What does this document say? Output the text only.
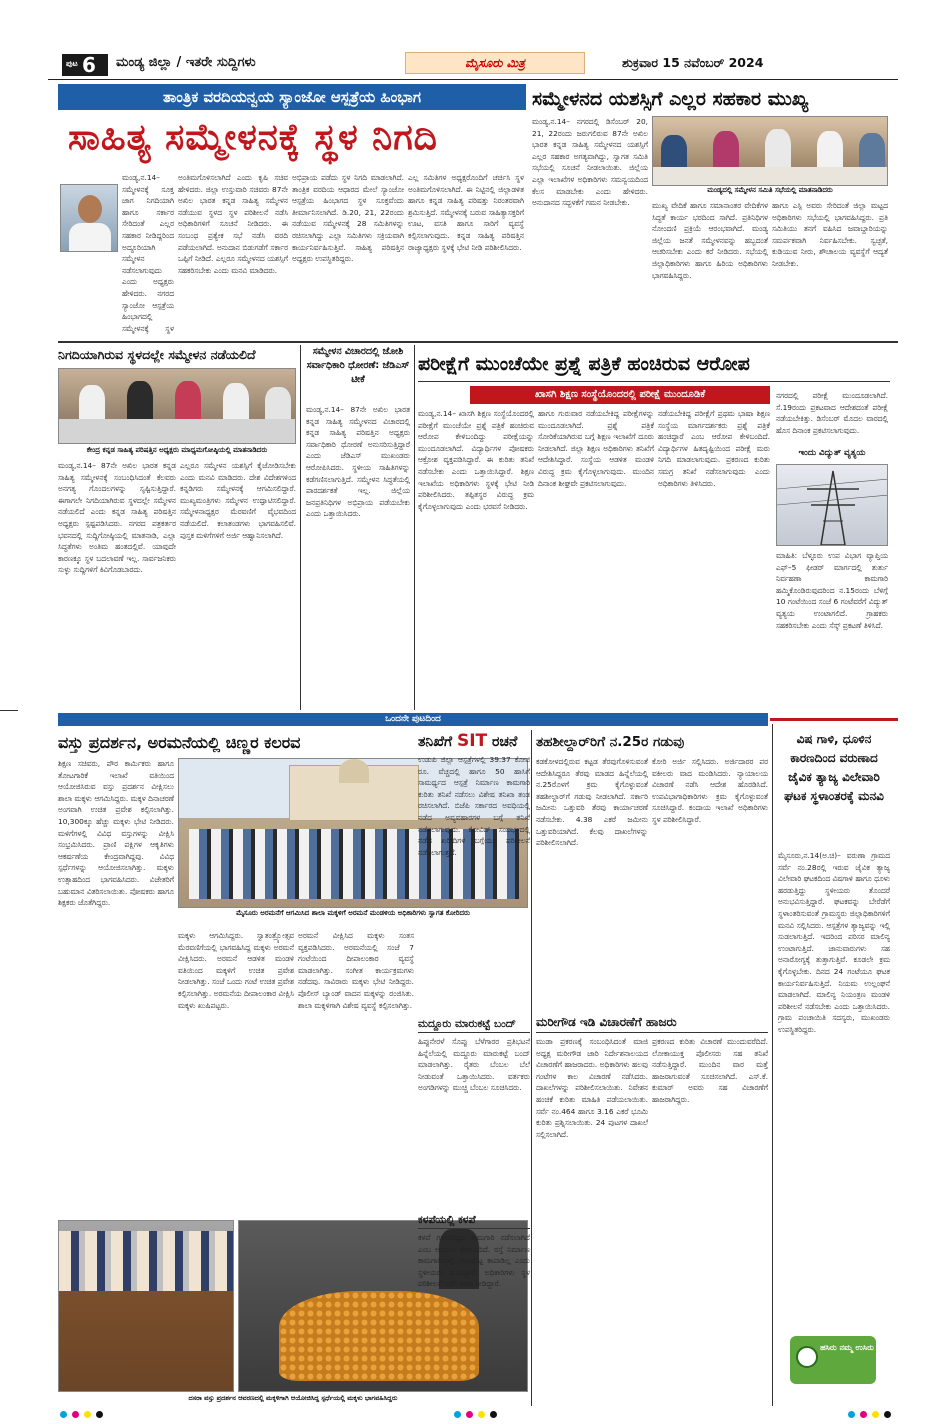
ಪುಟ 6 ಮಂಡ್ಯ ಜಿಲ್ಲಾ / ಇತರೇ ಸುದ್ದಿಗಳು	ಮೈಸೂರು ಮಿತ್ರ	ಶುಕ್ರವಾರ 15 ನವೆಂಬರ್ 2024
ತಾಂತ್ರಿಕ ವರದಿಯನ್ವಯ ಸ್ಯಾಂಜೋ ಆಸ್ಪತ್ರೆಯ ಹಿಂಭಾಗ
ಸಾಹಿತ್ಯ ಸಮ್ಮೇಳನಕ್ಕೆ ಸ್ಥಳ ನಿಗದಿ
ಮಂಡ್ಯ,ನ.14– ಸಮ್ಮೇಳನಕ್ಕೆ ಸೂಕ್ತ ಜಾಗ ನಿಗದಿಯಾಗಿ ಹಾಗೂ ಸರ್ಕಾರ ಸೇರಿದಂತೆ ಎಲ್ಲರ ಸಹಕಾರ ನೀಡಿದ್ದರಿಂದ ಅದ್ಧೂರಿಯಾಗಿ ಸಮ್ಮೇಳನ ನಡೆಸಲಾಗುವುದು ಎಂದು ಅಧ್ಯಕ್ಷರು ಹೇಳಿದರು. ನಗರದ ಸ್ಯಾಂಜೋ ಆಸ್ಪತ್ರೆಯ ಹಿಂಭಾಗದಲ್ಲಿ ಸಮ್ಮೇಳನಕ್ಕೆ ಸ್ಥಳ
ಅಂತಿಮಗೊಳಿಸಲಾಗಿದೆ ಎಂದು ಕೃಷಿ ಸಚಿವ ಹೇಳಿದರು. ಜಿಲ್ಲಾ ಉಸ್ತುವಾರಿ ಸಚಿವರು 87ನೇ ಅಖಿಲ ಭಾರತ ಕನ್ನಡ ಸಾಹಿತ್ಯ ಸಮ್ಮೇಳನ ನಡೆಯುವ ಸ್ಥಳದ ಸ್ಥಳ ಪರಿಶೀಲನೆ ನಡೆಸಿ ಅಧಿಕಾರಿಗಳಿಗೆ ಸೂಚನೆ ನೀಡಿದರು. ಈ ಸಂಬಂಧ ಪ್ರತ್ಯೇಕ ಸಭೆ ನಡೆಸಿ ವರದಿ ಪಡೆಯಲಾಗಿದೆ. ಅನುದಾನ ಬಿಡುಗಡೆಗೆ ಸರ್ಕಾರ ಒಪ್ಪಿಗೆ ನೀಡಿದೆ. ಎಲ್ಲರೂ ಸಮ್ಮೇಳನದ ಯಶಸ್ಸಿಗೆ ಸಹಕರಿಸಬೇಕು ಎಂದು ಮನವಿ ಮಾಡಿದರು.
ಅಭಿಪ್ರಾಯ ಪಡೆದು ಸ್ಥಳ ನಿಗದಿ ಮಾಡಲಾಗಿದೆ. ತಾಂತ್ರಿಕ ವರದಿಯ ಆಧಾರದ ಮೇಲೆ ಸ್ಯಾಂಜೋ ಆಸ್ಪತ್ರೆಯ ಹಿಂಭಾಗದ ಸ್ಥಳ ಸೂಕ್ತವೆಂದು ತೀರ್ಮಾನಿಸಲಾಗಿದೆ. ಡಿ.20, 21, 22ರಂದು ನಡೆಯುವ ಸಮ್ಮೇಳನಕ್ಕೆ 28 ಸಮಿತಿಗಳನ್ನು ರಚಿಸಲಾಗಿದ್ದು ಎಲ್ಲಾ ಸಮಿತಿಗಳು ಸಕ್ರಿಯವಾಗಿ ಕಾರ್ಯನಿರ್ವಹಿಸುತ್ತಿವೆ. ಸಾಹಿತ್ಯ ಪರಿಷತ್ತಿನ ಅಧ್ಯಕ್ಷರು ಉಪಸ್ಥಿತರಿದ್ದರು.
ಎಲ್ಲ ಸಮಿತಿಗಳ ಅಧ್ಯಕ್ಷರೊಂದಿಗೆ ಚರ್ಚಿಸಿ ಸ್ಥಳ ಅಂತಿಮಗೊಳಿಸಲಾಗಿದೆ. ಈ ನಿಟ್ಟಿನಲ್ಲಿ ಜಿಲ್ಲಾಡಳಿತ ಹಾಗೂ ಕನ್ನಡ ಸಾಹಿತ್ಯ ಪರಿಷತ್ತು ನಿರಂತರವಾಗಿ ಶ್ರಮಿಸುತ್ತಿದೆ. ಸಮ್ಮೇಳನಕ್ಕೆ ಬರುವ ಸಾಹಿತ್ಯಾಸಕ್ತರಿಗೆ ಊಟ, ವಸತಿ ಹಾಗೂ ಸಾರಿಗೆ ವ್ಯವಸ್ಥೆ ಕಲ್ಪಿಸಲಾಗುವುದು. ಕನ್ನಡ ಸಾಹಿತ್ಯ ಪರಿಷತ್ತಿನ ರಾಜ್ಯಾಧ್ಯಕ್ಷರು ಸ್ಥಳಕ್ಕೆ ಭೇಟಿ ನೀಡಿ ಪರಿಶೀಲಿಸಿದರು.
ಸಮ್ಮೇಳನದ ಯಶಸ್ಸಿಗೆ ಎಲ್ಲರ ಸಹಕಾರ ಮುಖ್ಯ
ಮಂಡ್ಯ,ನ.14– ನಗರದಲ್ಲಿ ಡಿಸೆಂಬರ್ 20, 21, 22ರಂದು ಜರುಗಲಿರುವ 87ನೇ ಅಖಿಲ ಭಾರತ ಕನ್ನಡ ಸಾಹಿತ್ಯ ಸಮ್ಮೇಳನದ ಯಶಸ್ಸಿಗೆ ಎಲ್ಲರ ಸಹಕಾರ ಅಗತ್ಯವಾಗಿದ್ದು, ಸ್ವಾಗತ ಸಮಿತಿ ಸಭೆಯಲ್ಲಿ ಸೂಚನೆ ನೀಡಲಾಯಿತು. ಜಿಲ್ಲೆಯ ಎಲ್ಲಾ ಇಲಾಖೆಗಳ ಅಧಿಕಾರಿಗಳು ಸಮನ್ವಯದಿಂದ ಕೆಲಸ ಮಾಡಬೇಕು ಎಂದು ಹೇಳಿದರು. ಅನುದಾನದ ಸದ್ಬಳಕೆಗೆ ಗಮನ ನೀಡಬೇಕು.
ಮಂಡ್ಯದಲ್ಲಿ ಸಮ್ಮೇಳನ ಸಮಿತಿ ಸಭೆಯಲ್ಲಿ ಮಾತನಾಡಿದರು
ಮುಖ್ಯ ವೇದಿಕೆ ಹಾಗೂ ಸಮಾನಾಂತರ ವೇದಿಕೆಗಳ ಸಿದ್ಧತೆ ಕಾರ್ಯ ಭರದಿಂದ ಸಾಗಿದೆ. ಪ್ರತಿನಿಧಿಗಳ ನೋಂದಣಿ ಪ್ರಕ್ರಿಯೆ ಆರಂಭವಾಗಿದೆ. ಮಂಡ್ಯ ಜಿಲ್ಲೆಯ ಜನತೆ ಸಮ್ಮೇಳನವನ್ನು ಹಬ್ಬದಂತೆ ಆಚರಿಸಬೇಕು ಎಂದು ಕರೆ ನೀಡಿದರು. ಸಭೆಯಲ್ಲಿ ಜಿಲ್ಲಾಧಿಕಾರಿಗಳು ಹಾಗೂ ಹಿರಿಯ ಅಧಿಕಾರಿಗಳು ಭಾಗವಹಿಸಿದ್ದರು.
ಹಾಗೂ ಎಸ್ಪಿ ಅವರು ಸೇರಿದಂತೆ ಜಿಲ್ಲಾ ಮಟ್ಟದ ಅಧಿಕಾರಿಗಳು ಸಭೆಯಲ್ಲಿ ಭಾಗವಹಿಸಿದ್ದರು. ಪ್ರತಿ ಸಮಿತಿಯು ತನಗೆ ವಹಿಸಿದ ಜವಾಬ್ದಾರಿಯನ್ನು ಸಮರ್ಪಕವಾಗಿ ನಿರ್ವಹಿಸಬೇಕು. ಸ್ವಚ್ಛತೆ, ಕುಡಿಯುವ ನೀರು, ಶೌಚಾಲಯ ವ್ಯವಸ್ಥೆಗೆ ಆದ್ಯತೆ ನೀಡಬೇಕು.
ನಿಗದಿಯಾಗಿರುವ ಸ್ಥಳದಲ್ಲೇ ಸಮ್ಮೇಳನ ನಡೆಯಲಿದೆ
ಕೇಂದ್ರ ಕನ್ನಡ ಸಾಹಿತ್ಯ ಪರಿಷತ್ತಿನ ಅಧ್ಯಕ್ಷರು ಮಾಧ್ಯಮಗೋಷ್ಠಿಯಲ್ಲಿ ಮಾತನಾಡಿದರು
ಮಂಡ್ಯ,ನ.14– 87ನೇ ಅಖಿಲ ಭಾರತ ಕನ್ನಡ ಸಾಹಿತ್ಯ ಸಮ್ಮೇಳನಕ್ಕೆ ಸಂಬಂಧಿಸಿದಂತೆ ಕೆಲವರು ಅನಗತ್ಯ ಗೊಂದಲಗಳನ್ನು ಸೃಷ್ಟಿಸುತ್ತಿದ್ದಾರೆ. ಈಗಾಗಲೇ ನಿಗದಿಯಾಗಿರುವ ಸ್ಥಳದಲ್ಲೇ ಸಮ್ಮೇಳನ ನಡೆಯಲಿದೆ ಎಂದು ಕನ್ನಡ ಸಾಹಿತ್ಯ ಪರಿಷತ್ತಿನ ಅಧ್ಯಕ್ಷರು ಸ್ಪಷ್ಟಪಡಿಸಿದರು. ನಗರದ ಪತ್ರಕರ್ತರ ಭವನದಲ್ಲಿ ಸುದ್ದಿಗೋಷ್ಠಿಯಲ್ಲಿ ಮಾತನಾಡಿ, ಎಲ್ಲಾ ಸಿದ್ಧತೆಗಳು ಅಂತಿಮ ಹಂತದಲ್ಲಿವೆ. ಯಾವುದೇ ಕಾರಣಕ್ಕೂ ಸ್ಥಳ ಬದಲಾವಣೆ ಇಲ್ಲ. ಸಾರ್ವಜನಿಕರು ಸುಳ್ಳು ಸುದ್ದಿಗಳಿಗೆ ಕಿವಿಗೊಡಬಾರದು.
ಎಲ್ಲರೂ ಸಮ್ಮೇಳನ ಯಶಸ್ಸಿಗೆ ಕೈಜೋಡಿಸಬೇಕು ಎಂದು ಮನವಿ ಮಾಡಿದರು. ದೇಶ ವಿದೇಶಗಳಿಂದ ಕನ್ನಡಿಗರು ಸಮ್ಮೇಳನಕ್ಕೆ ಆಗಮಿಸಲಿದ್ದಾರೆ. ಮುಖ್ಯಮಂತ್ರಿಗಳು ಸಮ್ಮೇಳನ ಉದ್ಘಾಟಿಸಲಿದ್ದಾರೆ. ಸಮ್ಮೇಳನಾಧ್ಯಕ್ಷರ ಮೆರವಣಿಗೆ ವೈಭವದಿಂದ ನಡೆಯಲಿದೆ. ಕಲಾತಂಡಗಳು ಭಾಗವಹಿಸಲಿವೆ. ಪುಸ್ತಕ ಮಳಿಗೆಗಳಿಗೆ ಅರ್ಜಿ ಆಹ್ವಾನಿಸಲಾಗಿದೆ.
ಸಮ್ಮೇಳನ ವಿಚಾರದಲ್ಲಿ ಜೋಶಿ ಸರ್ವಾಧಿಕಾರಿ ಧೋರಣೆ: ಜೆಡಿಎಸ್ ಟೀಕೆ
ಮಂಡ್ಯ,ನ.14– 87ನೇ ಅಖಿಲ ಭಾರತ ಕನ್ನಡ ಸಾಹಿತ್ಯ ಸಮ್ಮೇಳನದ ವಿಚಾರದಲ್ಲಿ ಕನ್ನಡ ಸಾಹಿತ್ಯ ಪರಿಷತ್ತಿನ ಅಧ್ಯಕ್ಷರು ಸರ್ವಾಧಿಕಾರಿ ಧೋರಣೆ ಅನುಸರಿಸುತ್ತಿದ್ದಾರೆ ಎಂದು ಜೆಡಿಎಸ್ ಮುಖಂಡರು ಆರೋಪಿಸಿದರು. ಸ್ಥಳೀಯ ಸಾಹಿತಿಗಳನ್ನು ಕಡೆಗಣಿಸಲಾಗುತ್ತಿದೆ. ಸಮ್ಮೇಳನ ಸಿದ್ಧತೆಯಲ್ಲಿ ಪಾರದರ್ಶಕತೆ ಇಲ್ಲ. ಜಿಲ್ಲೆಯ ಜನಪ್ರತಿನಿಧಿಗಳ ಅಭಿಪ್ರಾಯ ಪಡೆಯಬೇಕು ಎಂದು ಒತ್ತಾಯಿಸಿದರು.
ಪರೀಕ್ಷೆಗೆ ಮುಂಚೆಯೇ ಪ್ರಶ್ನೆ ಪತ್ರಿಕೆ ಹಂಚಿರುವ ಆರೋಪ
ಖಾಸಗಿ ಶಿಕ್ಷಣ ಸಂಸ್ಥೆಯೊಂದರಲ್ಲಿ ಪರೀಕ್ಷೆ ಮುಂದೂಡಿಕೆ
ಮಂಡ್ಯ,ನ.14– ಖಾಸಗಿ ಶಿಕ್ಷಣ ಸಂಸ್ಥೆಯೊಂದರಲ್ಲಿ ಪರೀಕ್ಷೆಗೆ ಮುಂಚೆಯೇ ಪ್ರಶ್ನೆ ಪತ್ರಿಕೆ ಹಂಚಿರುವ ಆರೋಪ ಕೇಳಿಬಂದಿದ್ದು ಪರೀಕ್ಷೆಯನ್ನು ಮುಂದೂಡಲಾಗಿದೆ. ವಿದ್ಯಾರ್ಥಿಗಳ ಪೋಷಕರು ಆಕ್ರೋಶ ವ್ಯಕ್ತಪಡಿಸಿದ್ದಾರೆ. ಈ ಕುರಿತು ತನಿಖೆ ನಡೆಸಬೇಕು ಎಂದು ಒತ್ತಾಯಿಸಿದ್ದಾರೆ. ಶಿಕ್ಷಣ ಇಲಾಖೆಯ ಅಧಿಕಾರಿಗಳು ಸ್ಥಳಕ್ಕೆ ಭೇಟಿ ನೀಡಿ ಪರಿಶೀಲಿಸಿದರು. ತಪ್ಪಿತಸ್ಥರ ವಿರುದ್ಧ ಕ್ರಮ ಕೈಗೊಳ್ಳಲಾಗುವುದು ಎಂದು ಭರವಸೆ ನೀಡಿದರು.
ಹಾಗೂ ಗುರುವಾರ ನಡೆಯಬೇಕಿದ್ದ ಪರೀಕ್ಷೆಗಳನ್ನು ಮುಂದೂಡಲಾಗಿದೆ. ಪ್ರಶ್ನೆ ಪತ್ರಿಕೆ ಸೋರಿಕೆಯಾಗಿರುವ ಬಗ್ಗೆ ಶಿಕ್ಷಣ ಇಲಾಖೆಗೆ ದೂರು ನೀಡಲಾಗಿದೆ. ಜಿಲ್ಲಾ ಶಿಕ್ಷಣ ಅಧಿಕಾರಿಗಳು ತನಿಖೆಗೆ ಆದೇಶಿಸಿದ್ದಾರೆ. ಸಂಸ್ಥೆಯ ಆಡಳಿತ ಮಂಡಳಿ ವಿರುದ್ಧ ಕ್ರಮ ಕೈಗೊಳ್ಳಲಾಗುವುದು. ಮುಂದಿನ ದಿನಾಂಕ ಶೀಘ್ರವೇ ಪ್ರಕಟಿಸಲಾಗುವುದು.
ನಡೆಯಬೇಕಿದ್ದ ಪರೀಕ್ಷೆಗೆ ಪ್ರಥಮ ಭಾಷಾ ಶಿಕ್ಷಣ ಸಂಸ್ಥೆಯ ಮಾರ್ಗದರ್ಶಕರು ಪ್ರಶ್ನೆ ಪತ್ರಿಕೆ ಹಂಚಿದ್ದಾರೆ ಎಂಬ ಆರೋಪ ಕೇಳಿಬಂದಿದೆ. ವಿದ್ಯಾರ್ಥಿಗಳ ಹಿತದೃಷ್ಟಿಯಿಂದ ಪರೀಕ್ಷೆ ಮರು ನಿಗದಿ ಮಾಡಲಾಗುವುದು. ಪ್ರಕರಣದ ಕುರಿತು ಸಮಗ್ರ ತನಿಖೆ ನಡೆಸಲಾಗುವುದು ಎಂದು ಅಧಿಕಾರಿಗಳು ತಿಳಿಸಿದರು.
ನಗರದಲ್ಲಿ ಪರೀಕ್ಷೆ ಮುಂದೂಡಲಾಗಿದೆ. ಸೆ.19ರಂದು ಪ್ರಕಟವಾದ ಆದೇಶದಂತೆ ಪರೀಕ್ಷೆ ನಡೆಯಬೇಕಿತ್ತು. ಡಿಸೆಂಬರ್ ಮೊದಲ ವಾರದಲ್ಲಿ ಹೊಸ ದಿನಾಂಕ ಪ್ರಕಟಿಸಲಾಗುವುದು.
ಇಂದು ವಿದ್ಯುತ್ ವ್ಯತ್ಯಯ
ಮಾಹಿತಿ: ಬೆಳ್ಳೂರು ಉಪ ವಿಭಾಗ ವ್ಯಾಪ್ತಿಯ ಎಫ್–5 ಫೀಡರ್ ಮಾರ್ಗದಲ್ಲಿ ತುರ್ತು ನಿರ್ವಹಣಾ ಕಾಮಗಾರಿ ಹಮ್ಮಿಕೊಂಡಿರುವುದರಿಂದ ನ.15ರಂದು ಬೆಳಿಗ್ಗೆ 10 ಗಂಟೆಯಿಂದ ಸಂಜೆ 6 ಗಂಟೆವರೆಗೆ ವಿದ್ಯುತ್ ವ್ಯತ್ಯಯ ಉಂಟಾಗಲಿದೆ. ಗ್ರಾಹಕರು ಸಹಕರಿಸಬೇಕು ಎಂದು ಸೆಸ್ಕ್ ಪ್ರಕಟಣೆ ತಿಳಿಸಿದೆ.
ಒಂದನೇ ಪುಟದಿಂದ
ವಸ್ತು ಪ್ರದರ್ಶನ, ಅರಮನೆಯಲ್ಲಿ ಚಿಣ್ಣರ ಕಲರವ
ಶಿಕ್ಷಣ ಸಚಿವರು, ಪೌರ ಕಾರ್ಮಿಕರು ಹಾಗೂ ತೋಟಗಾರಿಕೆ ಇಲಾಖೆ ವತಿಯಿಂದ ಆಯೋಜಿಸಿರುವ ವಸ್ತು ಪ್ರದರ್ಶನ ವೀಕ್ಷಿಸಲು ಶಾಲಾ ಮಕ್ಕಳು ಆಗಮಿಸಿದ್ದರು. ಮಕ್ಕಳ ದಿನಾಚರಣೆ ಅಂಗವಾಗಿ ಉಚಿತ ಪ್ರವೇಶ ಕಲ್ಪಿಸಲಾಗಿತ್ತು. 10,300ಕ್ಕೂ ಹೆಚ್ಚು ಮಕ್ಕಳು ಭೇಟಿ ನೀಡಿದರು. ಮಳಿಗೆಗಳಲ್ಲಿ ವಿವಿಧ ವಸ್ತುಗಳನ್ನು ವೀಕ್ಷಿಸಿ ಸಂಭ್ರಮಿಸಿದರು. ಪ್ರಾಣಿ ಪಕ್ಷಿಗಳ ಆಕೃತಿಗಳು ಆಕರ್ಷಣೆಯ ಕೇಂದ್ರವಾಗಿದ್ದವು. ವಿವಿಧ ಸ್ಪರ್ಧೆಗಳನ್ನು ಆಯೋಜಿಸಲಾಗಿತ್ತು. ಮಕ್ಕಳು ಉತ್ಸಾಹದಿಂದ ಭಾಗವಹಿಸಿದರು. ವಿಜೇತರಿಗೆ ಬಹುಮಾನ ವಿತರಿಸಲಾಯಿತು. ಪೋಷಕರು ಹಾಗೂ ಶಿಕ್ಷಕರು ಜೊತೆಗಿದ್ದರು.
ಮೈಸೂರು ಅರಮನೆಗೆ ಆಗಮಿಸಿದ ಶಾಲಾ ಮಕ್ಕಳಿಗೆ ಅರಮನೆ ಮಂಡಳಿಯ ಅಧಿಕಾರಿಗಳು ಸ್ವಾಗತ ಕೋರಿದರು
ಮಕ್ಕಳು ಆಗಮಿಸಿದ್ದರು. ಸ್ವಾತಂತ್ರ್ಯೋತ್ಸವ ಮೆರವಣಿಗೆಯಲ್ಲಿ ಭಾಗವಹಿಸಿದ್ದ ಮಕ್ಕಳು ಅರಮನೆ ವೀಕ್ಷಿಸಿದರು. ಅರಮನೆ ಆಡಳಿತ ಮಂಡಳಿ ವತಿಯಿಂದ ಮಕ್ಕಳಿಗೆ ಉಚಿತ ಪ್ರವೇಶ ನೀಡಲಾಗಿತ್ತು. ಸಂಜೆ ಒಂದು ಗಂಟೆ ಉಚಿತ ಪ್ರವೇಶ ಕಲ್ಪಿಸಲಾಗಿತ್ತು. ಅರಮನೆಯ ದೀಪಾಲಂಕಾರ ವೀಕ್ಷಿಸಿ ಮಕ್ಕಳು ಖುಷಿಪಟ್ಟರು.
ಅರಮನೆ ವೀಕ್ಷಿಸಿದ ಮಕ್ಕಳು ಸಂತಸ ವ್ಯಕ್ತಪಡಿಸಿದರು. ಅರಮನೆಯಲ್ಲಿ ಸಂಜೆ 7 ಗಂಟೆಯಿಂದ ದೀಪಾಲಂಕಾರ ವ್ಯವಸ್ಥೆ ಮಾಡಲಾಗಿತ್ತು. ಸಂಗೀತ ಕಾರ್ಯಕ್ರಮಗಳು ನಡೆದವು. ಸಾವಿರಾರು ಮಕ್ಕಳು ಭೇಟಿ ನೀಡಿದ್ದರು. ಪೊಲೀಸ್ ಬ್ಯಾಂಡ್ ವಾದನ ಮಕ್ಕಳನ್ನು ರಂಜಿಸಿತು. ಶಾಲಾ ಮಕ್ಕಳಿಗಾಗಿ ವಿಶೇಷ ವ್ಯವಸ್ಥೆ ಕಲ್ಪಿಸಲಾಗಿತ್ತು.
ದಸರಾ ವಸ್ತು ಪ್ರದರ್ಶನ ಆವರಣದಲ್ಲಿ ಮಕ್ಕಳಿಗಾಗಿ ಆಯೋಜಿಸಿದ್ದ ಸ್ಪರ್ಧೆಯಲ್ಲಿ ಮಕ್ಕಳು ಭಾಗವಹಿಸಿದ್ದರು
ತನಿಖೆಗೆ SIT ರಚನೆ
ಉಡುಪಿ ಜಿಲ್ಲಾ ಆಸ್ಪತ್ರೆಗಳಲ್ಲಿ 39.37 ಕೋಟಿ ರೂ. ವೆಚ್ಚದಲ್ಲಿ ಹಾಗೂ 50 ಹಾಸಿಗೆ ಸಾಮರ್ಥ್ಯದ ಆಸ್ಪತ್ರೆ ನಿರ್ಮಾಣ ಕಾಮಗಾರಿ ಕುರಿತು ತನಿಖೆ ನಡೆಸಲು ವಿಶೇಷ ತನಿಖಾ ತಂಡ ರಚಿಸಲಾಗಿದೆ. ಬಿಜೆಪಿ ಸರ್ಕಾರದ ಅವಧಿಯಲ್ಲಿ ನಡೆದ ಅವ್ಯವಹಾರಗಳ ಬಗ್ಗೆ ತನಿಖೆ ನಡೆಸಲಾಗುವುದು. ಕೋವಿಡ್ ಸಂದರ್ಭದಲ್ಲಿ ನಡೆದ ಖರೀದಿಗಳ ಬಗ್ಗೆಯೂ ಪರಿಶೀಲನೆ ನಡೆಸಲಾಗುತ್ತದೆ.
ಮದ್ದೂರು ಮಾರುಕಟ್ಟೆ ಬಂದ್
ಹಿಪ್ಪುನೇರಳೆ ಸೊಪ್ಪು ಬೆಳೆಗಾರರ ಪ್ರತಿಭಟನೆ ಹಿನ್ನೆಲೆಯಲ್ಲಿ ಮದ್ದೂರು ಮಾರುಕಟ್ಟೆ ಬಂದ್ ಮಾಡಲಾಗಿತ್ತು. ರೈತರು ಬೆಂಬಲ ಬೆಲೆ ನೀಡುವಂತೆ ಒತ್ತಾಯಿಸಿದರು. ವರ್ತಕರು ಅಂಗಡಿಗಳನ್ನು ಮುಚ್ಚಿ ಬೆಂಬಲ ಸೂಚಿಸಿದರು.
ಕಳಪೆಯಲ್ಲಿ ಕಳಪೆ
ಕಳಪೆ ಗುಣಮಟ್ಟದ ಕಾಮಗಾರಿ ನಡೆಸಲಾಗಿದೆ ಎಂಬ ಆರೋಪ ಕೇಳಿಬಂದಿದೆ. ರಸ್ತೆ ನಿರ್ಮಾಣ ಕಾಮಗಾರಿಯಲ್ಲಿ ಗುಣಮಟ್ಟ ಕಾಪಾಡಿಲ್ಲ ಎಂದು ಸ್ಥಳೀಯರು ದೂರಿದ್ದಾರೆ. ಅಧಿಕಾರಿಗಳು ಸ್ಥಳ ಪರಿಶೀಲನೆ ನಡೆಸಿ ವರದಿ ನೀಡಿದ್ದಾರೆ.
ತಹಶೀಲ್ದಾರ್‌ರಿಗೆ ನ.25ರ ಗಡುವು
ಕಡಕೋಳದಲ್ಲಿರುವ ಕಟ್ಟಡ ತೆರವುಗೊಳಿಸುವಂತೆ ಆದೇಶಿಸಿದ್ದರೂ ತೆರವು ಮಾಡದ ಹಿನ್ನೆಲೆಯಲ್ಲಿ ನ.25ರೊಳಗೆ ಕ್ರಮ ಕೈಗೊಳ್ಳುವಂತೆ ತಹಶೀಲ್ದಾರ್‌ಗೆ ಗಡುವು ನೀಡಲಾಗಿದೆ. ಸರ್ಕಾರಿ ಜಮೀನು ಒತ್ತುವರಿ ತೆರವು ಕಾರ್ಯಾಚರಣೆ ನಡೆಸಬೇಕು. 4.38 ಎಕರೆ ಜಮೀನು ಒತ್ತುವರಿಯಾಗಿದೆ. ಕೆಲವು ದಾಖಲೆಗಳನ್ನು ಪರಿಶೀಲಿಸಲಾಗಿದೆ.
ಕೋರಿ ಅರ್ಜಿ ಸಲ್ಲಿಸಿದರು. ಅರ್ಜಿದಾರರ ಪರ ವಕೀಲರು ವಾದ ಮಂಡಿಸಿದರು. ನ್ಯಾಯಾಲಯ ವಿಚಾರಣೆ ನಡೆಸಿ ಆದೇಶ ಹೊರಡಿಸಿದೆ. ಉಪವಿಭಾಗಾಧಿಕಾರಿಗಳು ಕ್ರಮ ಕೈಗೊಳ್ಳುವಂತೆ ಸೂಚಿಸಿದ್ದಾರೆ. ಕಂದಾಯ ಇಲಾಖೆ ಅಧಿಕಾರಿಗಳು ಸ್ಥಳ ಪರಿಶೀಲಿಸಿದ್ದಾರೆ.
ಮರೀಗೌಡ ಇಡಿ ವಿಚಾರಣೆಗೆ ಹಾಜರು
ಮುಡಾ ಪ್ರಕರಣಕ್ಕೆ ಸಂಬಂಧಿಸಿದಂತೆ ಮಾಜಿ ಅಧ್ಯಕ್ಷ ಮರೀಗೌಡ ಜಾರಿ ನಿರ್ದೇಶನಾಲಯದ ವಿಚಾರಣೆಗೆ ಹಾಜರಾದರು. ಅಧಿಕಾರಿಗಳು ಹಲವು ಗಂಟೆಗಳ ಕಾಲ ವಿಚಾರಣೆ ನಡೆಸಿದರು. ದಾಖಲೆಗಳನ್ನು ಪರಿಶೀಲಿಸಲಾಯಿತು. ನಿವೇಶನ ಹಂಚಿಕೆ ಕುರಿತು ಮಾಹಿತಿ ಪಡೆಯಲಾಯಿತು. ಸರ್ವೆ ನಂ.464 ಹಾಗೂ 3.16 ಎಕರೆ ಭೂಮಿ ಕುರಿತು ಪ್ರಶ್ನಿಸಲಾಯಿತು. 24 ಪುಟಗಳ ದಾಖಲೆ ಸಲ್ಲಿಸಲಾಗಿದೆ.
ಪ್ರಕರಣದ ಕುರಿತು ವಿಚಾರಣೆ ಮುಂದುವರೆದಿದೆ. ಲೋಕಾಯುಕ್ತ ಪೊಲೀಸರು ಸಹ ತನಿಖೆ ನಡೆಸುತ್ತಿದ್ದಾರೆ. ಮುಂದಿನ ವಾರ ಮತ್ತೆ ಹಾಜರಾಗುವಂತೆ ಸೂಚಿಸಲಾಗಿದೆ. ಎಸ್.ಕೆ. ಕುಮಾರ್ ಅವರು ಸಹ ವಿಚಾರಣೆಗೆ ಹಾಜರಾಗಿದ್ದರು.
ವಿಷ ಗಾಳಿ, ಧೂಳಿನ ಕಾರಣದಿಂದ ವರುಣಾದ ಜೈವಿಕ ತ್ಯಾಜ್ಯ ವಿಲೇವಾರಿ ಘಟಕ ಸ್ಥಳಾಂತರಕ್ಕೆ ಮನವಿ
ಮೈಸೂರು,ನ.14(ಅ.ಚಿ)– ವರುಣಾ ಗ್ರಾಮದ ಸರ್ವೆ ನಂ.28ರಲ್ಲಿ ಇರುವ ಜೈವಿಕ ತ್ಯಾಜ್ಯ ವಿಲೇವಾರಿ ಘಟಕದಿಂದ ವಿಷಗಾಳಿ ಹಾಗೂ ಧೂಳು ಹರಡುತ್ತಿದ್ದು ಸ್ಥಳೀಯರು ತೊಂದರೆ ಅನುಭವಿಸುತ್ತಿದ್ದಾರೆ. ಘಟಕವನ್ನು ಬೇರೆಡೆಗೆ ಸ್ಥಳಾಂತರಿಸುವಂತೆ ಗ್ರಾಮಸ್ಥರು ಜಿಲ್ಲಾಧಿಕಾರಿಗಳಿಗೆ ಮನವಿ ಸಲ್ಲಿಸಿದರು. ಆಸ್ಪತ್ರೆಗಳ ತ್ಯಾಜ್ಯವನ್ನು ಇಲ್ಲಿ ಸುಡಲಾಗುತ್ತಿದೆ. ಇದರಿಂದ ಪರಿಸರ ಮಾಲಿನ್ಯ ಉಂಟಾಗುತ್ತಿದೆ. ಜಾನುವಾರುಗಳು ಸಹ ಅನಾರೋಗ್ಯಕ್ಕೆ ತುತ್ತಾಗುತ್ತಿವೆ. ಕೂಡಲೇ ಕ್ರಮ ಕೈಗೊಳ್ಳಬೇಕು. ದಿನದ 24 ಗಂಟೆಯೂ ಘಟಕ ಕಾರ್ಯನಿರ್ವಹಿಸುತ್ತಿದೆ. ನಿಯಮ ಉಲ್ಲಂಘನೆ ಮಾಡಲಾಗಿದೆ. ಮಾಲಿನ್ಯ ನಿಯಂತ್ರಣ ಮಂಡಳಿ ಪರಿಶೀಲನೆ ನಡೆಸಬೇಕು ಎಂದು ಒತ್ತಾಯಿಸಿದರು. ಗ್ರಾಮ ಪಂಚಾಯಿತಿ ಸದಸ್ಯರು, ಮುಖಂಡರು ಉಪಸ್ಥಿತರಿದ್ದರು.
ಹಸಿರು ನಮ್ಮ ಉಸಿರು
